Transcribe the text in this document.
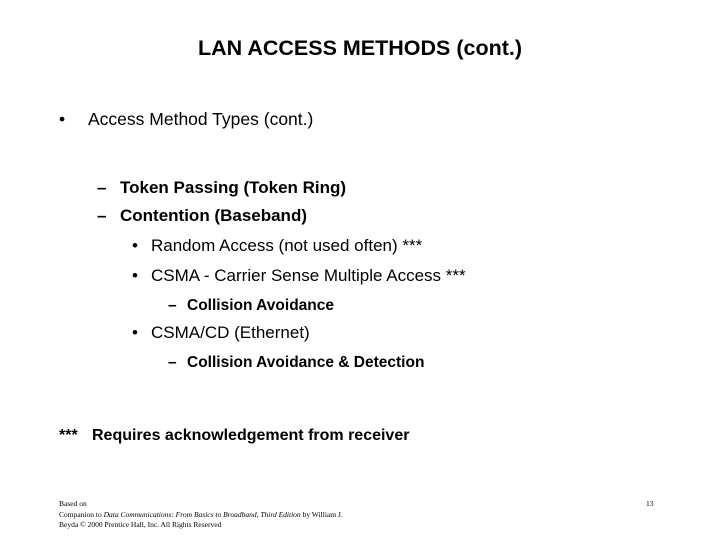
LAN ACCESS METHODS (cont.)
• Access Method Types (cont.)
– Token Passing (Token Ring)
– Contention (Baseband)
• Random Access (not used often) ***
• CSMA - Carrier Sense Multiple Access ***
– Collision Avoidance
• CSMA/CD (Ethernet)
– Collision Avoidance & Detection
*** Requires acknowledgement from receiver
Based on
Companion to Data Communications: From Basics to Broadband, Third Edition by William J.
Beyda © 2000 Prentice Hall, Inc. All Rights Reserved
13
